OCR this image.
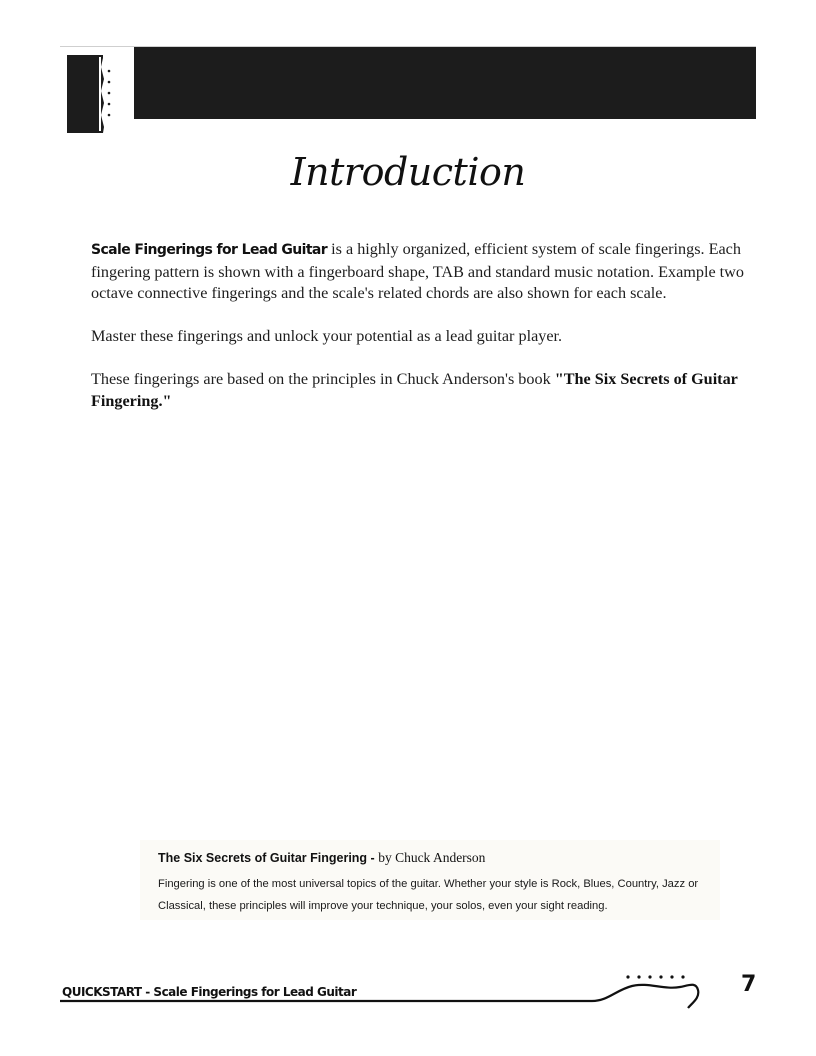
Introduction

Scale Fingerings for Lead Guitar is a highly organized, efficient system of scale fingerings. Each fingering pattern is shown with a fingerboard shape, TAB and standard music notation. Example two octave connective fingerings and the scale's related chords are also shown for each scale.

Master these fingerings and unlock your potential as a lead guitar player.

These fingerings are based on the principles in Chuck Anderson's book "The Six Secrets of Guitar Fingering."

The Six Secrets of Guitar Fingering - by Chuck Anderson
Fingering is one of the most universal topics of the guitar. Whether your style is Rock, Blues, Country, Jazz or Classical, these principles will improve your technique, your solos, even your sight reading.
QUICKSTART - Scale Fingerings for Lead Guitar	7
